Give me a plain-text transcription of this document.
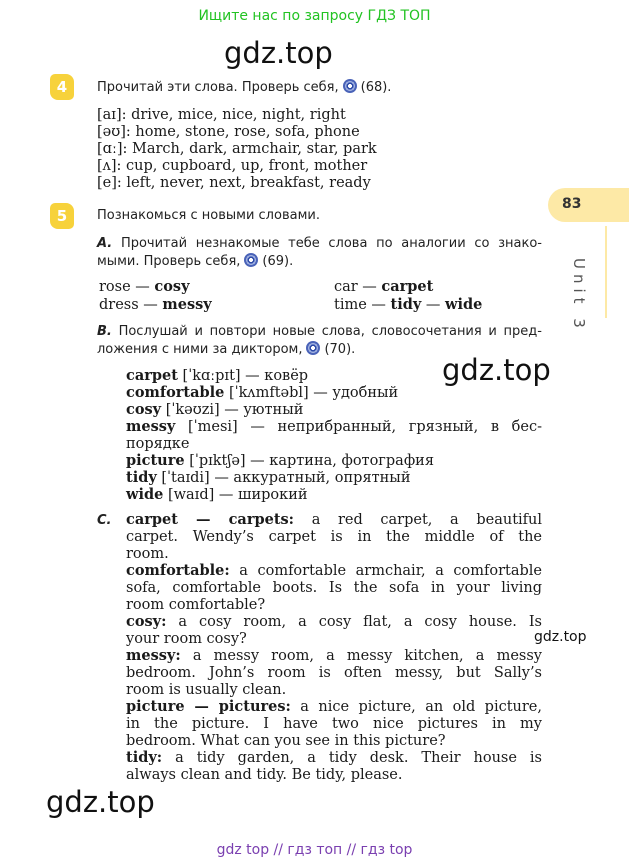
Ищите нас по запросу ГДЗ ТОП
gdz.top
gdz.top
gdz.top
gdz.top
83
Unit 3
4	Прочитай эти слова. Проверь себя, (68).
[aɪ]: drive, mice, nice, night, right
[əʊ]: home, stone, rose, sofa, phone
[ɑː]: March, dark, armchair, star, park
[ʌ]: cup, cupboard, up, front, mother
[e]: left, never, next, breakfast, ready
5	Познакомься с новыми словами.
A. Прочитай незнакомые тебе слова по аналогии со знако-
мыми. Проверь себя, (69).
rose — cosy	car — carpet
dress — messy	time — tidy — wide
B. Послушай и повтори новые слова, словосочетания и пред-
ложения с ними за диктором, (70).
carpet [ˈkɑːpɪt] — ковёр
comfortable [ˈkʌmftəbl] — удобный
cosy [ˈkəʊzi] — уютный
messy [ˈmesi] — неприбранный, грязный, в бес-
порядке
picture [ˈpɪktʃə] — картина, фотография
tidy [ˈtaɪdi] — аккуратный, опрятный
wide [waɪd] — широкий
C. carpet — carpets: a red carpet, a beautiful
carpet. Wendy’s carpet is in the middle of the
room.
comfortable: a comfortable armchair, a comfortable
sofa, comfortable boots. Is the sofa in your living
room comfortable?
cosy: a cosy room, a cosy flat, a cosy house. Is
your room cosy?
messy: a messy room, a messy kitchen, a messy
bedroom. John’s room is often messy, but Sally’s
room is usually clean.
picture — pictures: a nice picture, an old picture,
in the picture. I have two nice pictures in my
bedroom. What can you see in this picture?
tidy: a tidy garden, a tidy desk. Their house is
always clean and tidy. Be tidy, please.
gdz top // гдз топ // гдз top
